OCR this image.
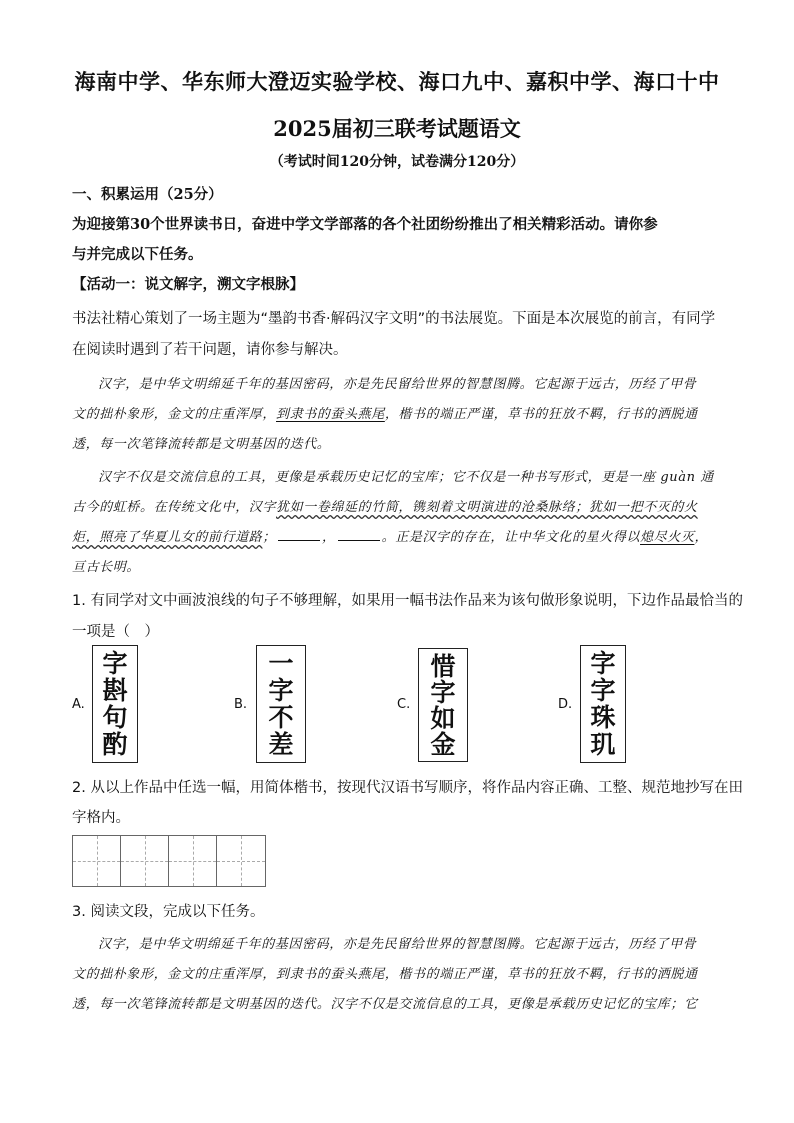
海南中学、华东师大澄迈实验学校、海口九中、嘉积中学、海口十中
2025届初三联考试题语文
（考试时间120分钟，试卷满分120分）
一、积累运用（25分）
为迎接第30个世界读书日，奋进中学文学部落的各个社团纷纷推出了相关精彩活动。请你参
与并完成以下任务。
【活动一：说文解字，溯文字根脉】
书法社精心策划了一场主题为“墨韵书香·解码汉字文明”的书法展览。下面是本次展览的前言，有同学
在阅读时遇到了若干问题，请你参与解决。
汉字，是中华文明绵延千年的基因密码，亦是先民留给世界的智慧图腾。它起源于远古，历经了甲骨
文的拙朴象形，金文的庄重浑厚，到隶书的蚕头燕尾，楷书的端正严谨，草书的狂放不羁，行书的洒脱通
透，每一次笔锋流转都是文明基因的迭代。
汉字不仅是交流信息的工具，更像是承载历史记忆的宝库；它不仅是一种书写形式，更是一座 guàn 通
古今的虹桥。在传统文化中，汉字犹如一卷绵延的竹简，镌刻着文明演进的沧桑脉络；犹如一把不灭的火
炬，照亮了华夏儿女的前行道路；	，	。正是汉字的存在，让中华文化的星火得以熄尽火灭，
亘古长明。
1. 有同学对文中画波浪线的句子不够理解，如果用一幅书法作品来为该句做形象说明，下边作品最恰当的
一项是（　）
A.
字
斟
句
酌
B.
一
字
不
差
C.
惜
字
如
金
D.
字
字
珠
玑
2. 从以上作品中任选一幅，用简体楷书，按现代汉语书写顺序，将作品内容正确、工整、规范地抄写在田
字格内。
3. 阅读文段，完成以下任务。
汉字，是中华文明绵延千年的基因密码，亦是先民留给世界的智慧图腾。它起源于远古，历经了甲骨
文的拙朴象形，金文的庄重浑厚，到隶书的蚕头燕尾，楷书的端正严谨，草书的狂放不羁，行书的洒脱通
透，每一次笔锋流转都是文明基因的迭代。汉字不仅是交流信息的工具，更像是承载历史记忆的宝库；它
